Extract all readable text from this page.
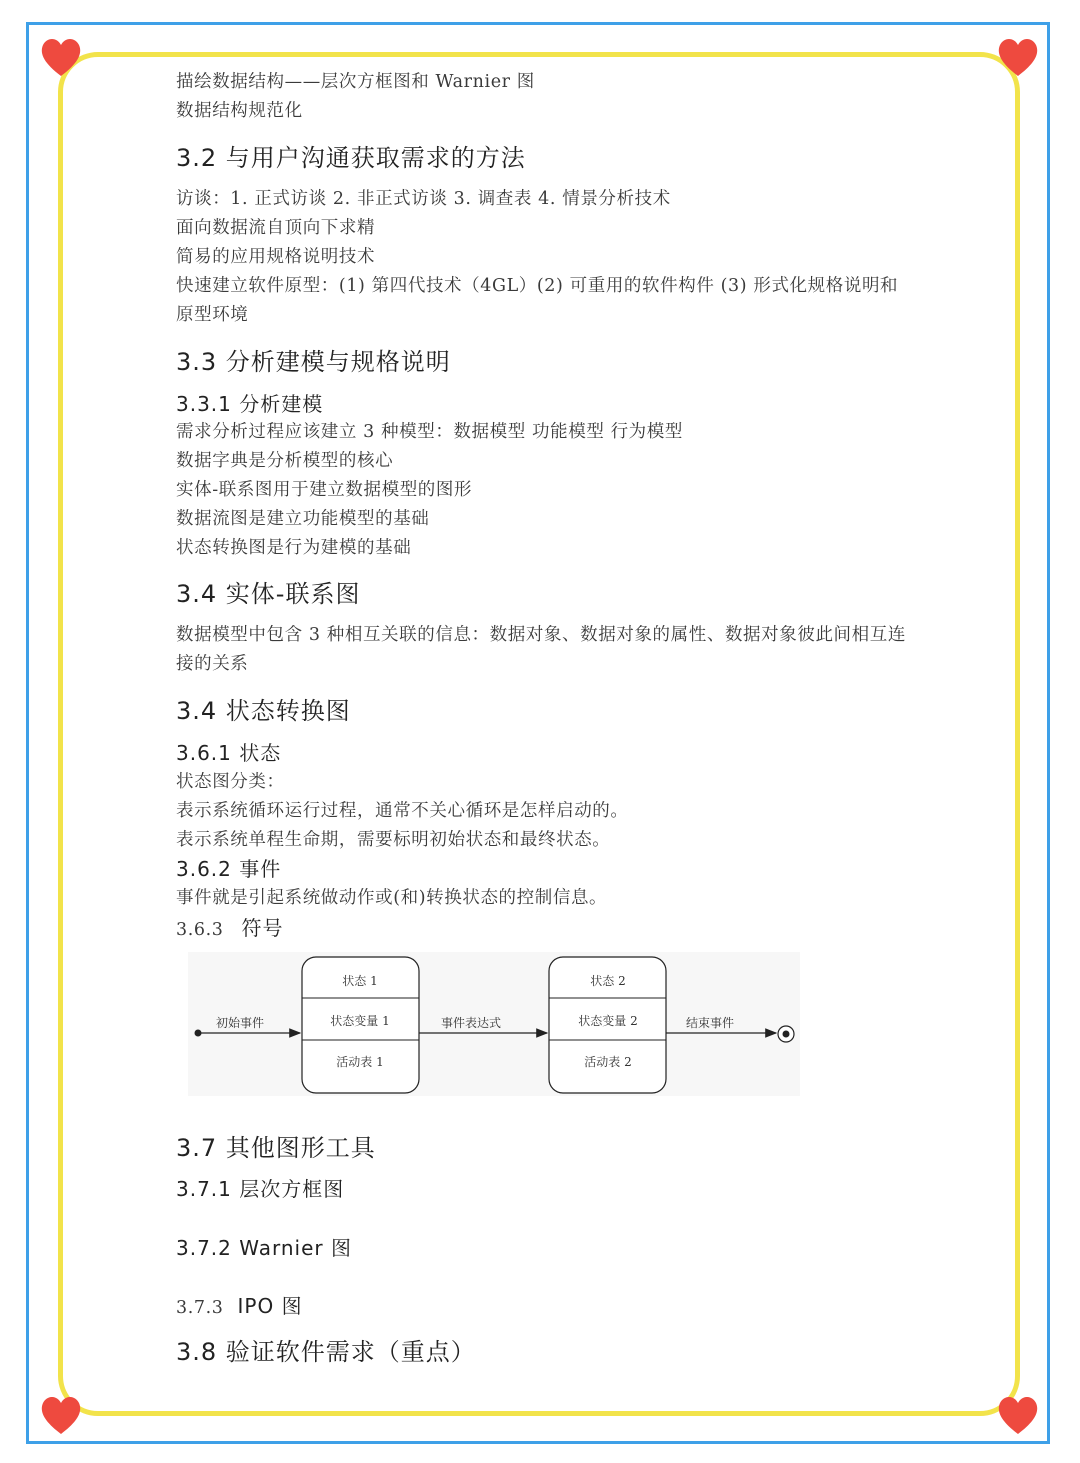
描绘数据结构——层次方框图和 Warnier 图
数据结构规范化
3.2 与用户沟通获取需求的方法
访谈：1. 正式访谈 2. 非正式访谈 3. 调查表 4. 情景分析技术
面向数据流自顶向下求精
简易的应用规格说明技术
快速建立软件原型：(1) 第四代技术（4GL）(2) 可重用的软件构件 (3) 形式化规格说明和
原型环境
3.3 分析建模与规格说明
3.3.1 分析建模
需求分析过程应该建立 3 种模型：数据模型 功能模型 行为模型
数据字典是分析模型的核心
实体-联系图用于建立数据模型的图形
数据流图是建立功能模型的基础
状态转换图是行为建模的基础
3.4 实体-联系图
数据模型中包含 3 种相互关联的信息：数据对象、数据对象的属性、数据对象彼此间相互连
接的关系
3.4 状态转换图
3.6.1 状态
状态图分类：
表示系统循环运行过程，通常不关心循环是怎样启动的。
表示系统单程生命期，需要标明初始状态和最终状态。
3.6.2 事件
事件就是引起系统做动作或(和)转换状态的控制信息。
3.6.3 符号
3.7 其他图形工具
3.7.1 层次方框图
3.7.2 Warnier 图
3.7.3 IPO 图
3.8 验证软件需求（重点）
初始事件
状态 1
状态变量 1
活动表 1
事件表达式
状态 2
状态变量 2
活动表 2
结束事件
